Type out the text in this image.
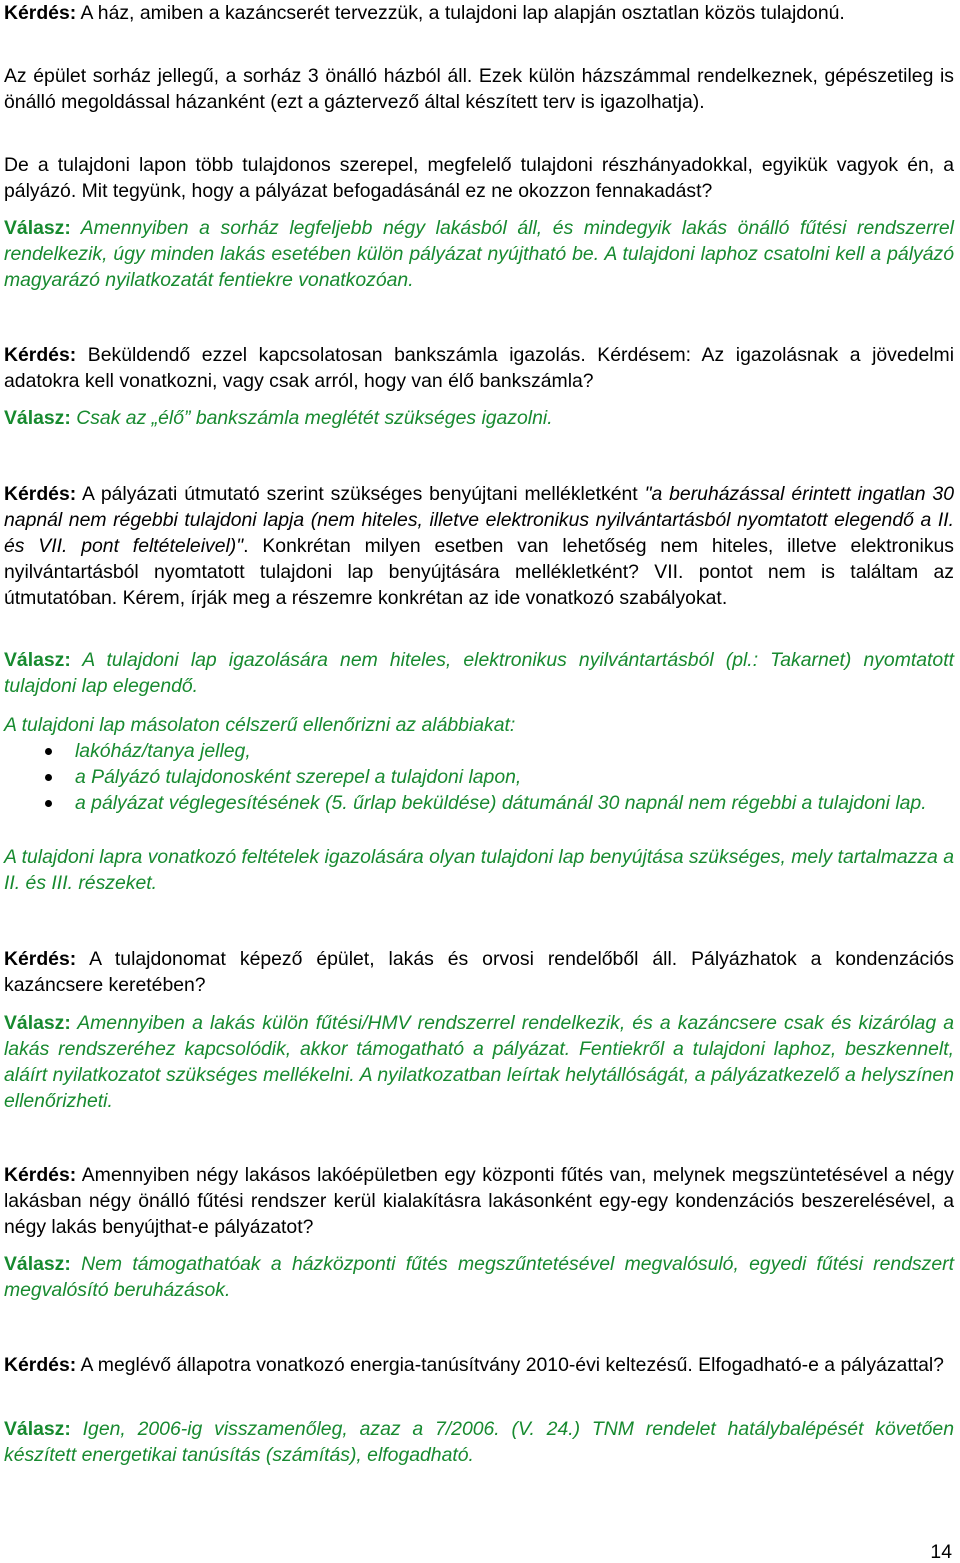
Kérdés: A ház, amiben a kazáncserét tervezzük, a tulajdoni lap alapján osztatlan közös tulajdonú.

Az épület sorház jellegű, a sorház 3 önálló házból áll. Ezek külön házszámmal rendelkeznek, gépészetileg is önálló megoldással házanként (ezt a gáztervező által készített terv is igazolhatja).

De a tulajdoni lapon több tulajdonos szerepel, megfelelő tulajdoni részhányadokkal, egyikük vagyok én, a pályázó. Mit tegyünk, hogy a pályázat befogadásánál ez ne okozzon fennakadást?

Válasz: Amennyiben a sorház legfeljebb négy lakásból áll, és mindegyik lakás önálló fűtési rendszerrel rendelkezik, úgy minden lakás esetében külön pályázat nyújtható be. A tulajdoni laphoz csatolni kell a pályázó magyarázó nyilatkozatát fentiekre vonatkozóan.

Kérdés: Beküldendő ezzel kapcsolatosan bankszámla igazolás. Kérdésem: Az igazolásnak a jövedelmi adatokra kell vonatkozni, vagy csak arról, hogy van élő bankszámla?

Válasz: Csak az „élő” bankszámla meglétét szükséges igazolni.

Kérdés: A pályázati útmutató szerint szükséges benyújtani mellékletként "a beruházással érintett ingatlan 30 napnál nem régebbi tulajdoni lapja (nem hiteles, illetve elektronikus nyilvántartásból nyomtatott elegendő a II. és VII. pont feltételeivel)". Konkrétan milyen esetben van lehetőség nem hiteles, illetve elektronikus nyilvántartásból nyomtatott tulajdoni lap benyújtására mellékletként? VII. pontot nem is találtam az útmutatóban. Kérem, írják meg a részemre konkrétan az ide vonatkozó szabályokat.

Válasz: A tulajdoni lap igazolására nem hiteles, elektronikus nyilvántartásból (pl.: Takarnet) nyomtatott tulajdoni lap elegendő.

A tulajdoni lap másolaton célszerű ellenőrizni az alábbiakat:

lakóház/tanya jelleg,
a Pályázó tulajdonosként szerepel a tulajdoni lapon,
a pályázat véglegesítésének (5. űrlap beküldése) dátumánál 30 napnál nem régebbi a tulajdoni lap.

A tulajdoni lapra vonatkozó feltételek igazolására olyan tulajdoni lap benyújtása szükséges, mely tartalmazza a II. és III. részeket.

Kérdés: A tulajdonomat képező épület, lakás és orvosi rendelőből áll. Pályázhatok a kondenzációs kazáncsere keretében?

Válasz: Amennyiben a lakás külön fűtési/HMV rendszerrel rendelkezik, és a kazáncsere csak és kizárólag a lakás rendszeréhez kapcsolódik, akkor támogatható a pályázat. Fentiekről a tulajdoni laphoz, beszkennelt, aláírt nyilatkozatot szükséges mellékelni. A nyilatkozatban leírtak helytállóságát, a pályázatkezelő a helyszínen ellenőrizheti.

Kérdés: Amennyiben négy lakásos lakóépületben egy központi fűtés van, melynek megszüntetésével a négy lakásban négy önálló fűtési rendszer kerül kialakításra lakásonként egy-egy kondenzációs beszerelésével, a négy lakás benyújthat-e pályázatot?

Válasz: Nem támogathatóak a házközponti fűtés megszűntetésével megvalósuló, egyedi fűtési rendszert megvalósító beruházások.

Kérdés: A meglévő állapotra vonatkozó energia-tanúsítvány 2010-évi keltezésű. Elfogadható-e a pályázattal?

Válasz: Igen, 2006-ig visszamenőleg, azaz a 7/2006. (V. 24.) TNM rendelet hatálybalépését követően készített energetikai tanúsítás (számítás), elfogadható.

14
